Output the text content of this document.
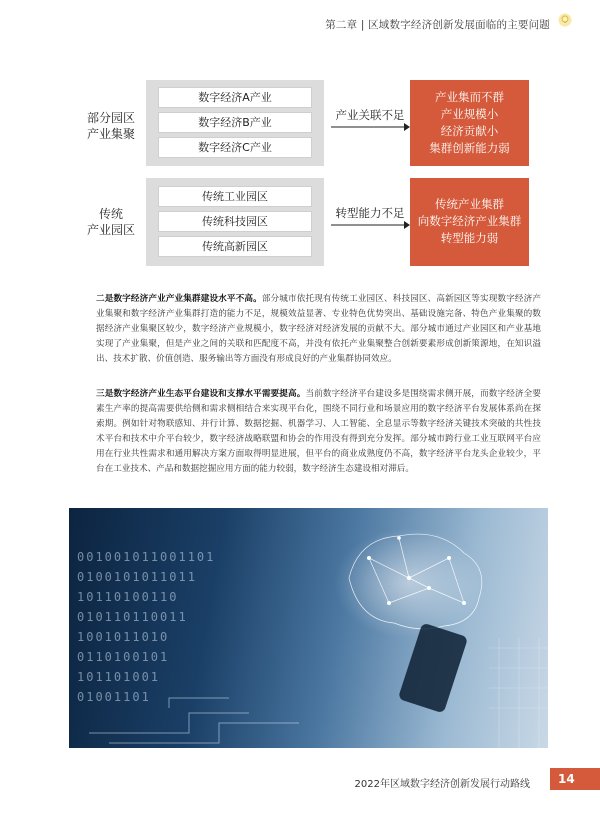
第二章 | 区域数字经济创新发展面临的主要问题
部分园区
产业集聚
数字经济A产业
数字经济B产业
数字经济C产业
产业关联不足
产业集而不群
产业规模小
经济贡献小
集群创新能力弱
传统
产业园区
传统工业园区
传统科技园区
传统高新园区
转型能力不足
传统产业集群
向数字经济产业集群
转型能力弱
二是数字经济产业产业集群建设水平不高。部分城市依托现有传统工业园区、科技园区、高新园区等实现数字经济产业集聚和数字经济产业集群打造的能力不足，规模效益显著、专业特色优势突出、基础设施完备、特色产业集聚的数据经济产业集聚区较少，数字经济产业规模小，数字经济对经济发展的贡献不大。部分城市通过产业园区和产业基地实现了产业集聚，但是产业之间的关联和匹配度不高，并没有依托产业集聚整合创新要素形成创新策源地，在知识溢出、技术扩散、价值创造、服务输出等方面没有形成良好的产业集群协同效应。
三是数字经济产业生态平台建设和支撑水平需要提高。当前数字经济平台建设多是围绕需求侧开展，而数字经济全要素生产率的提高需要供给侧和需求侧相结合来实现平台化，围绕不同行业和场景应用的数字经济平台发展体系尚在探索期。例如针对物联感知、并行计算、数据挖掘、机器学习、人工智能、全息显示等数字经济关键技术突破的共性技术平台和技术中介平台较少，数字经济战略联盟和协会的作用没有得到充分发挥。部分城市跨行业工业互联网平台应用在行业共性需求和通用解决方案方面取得明显进展，但平台的商业成熟度仍不高，数字经济平台龙头企业较少，平台在工业技术、产品和数据挖掘应用方面的能力较弱，数字经济生态建设相对滞后。
001001011001101
0100101011011
10110100110
010110110011
1001011010
0110100101
101101001
01001101
2022年区域数字经济创新发展行动路线	14
